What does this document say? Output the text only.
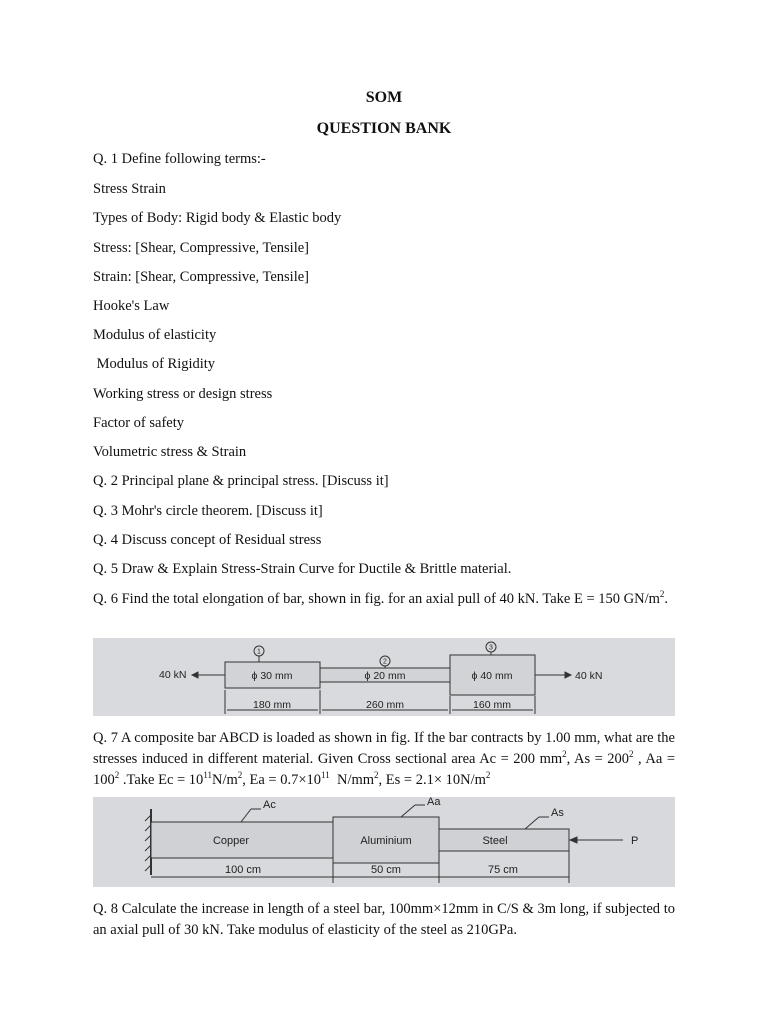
SOM
QUESTION BANK
Q. 1 Define following terms:-
Stress Strain
Types of Body: Rigid body & Elastic body
Stress: [Shear, Compressive, Tensile]
Strain: [Shear, Compressive, Tensile]
Hooke's Law
Modulus of elasticity
Modulus of Rigidity
Working stress or design stress
Factor of safety
Volumetric stress & Strain
Q. 2 Principal plane & principal stress. [Discuss it]
Q. 3 Mohr's circle theorem. [Discuss it]
Q. 4 Discuss concept of Residual stress
Q. 5 Draw & Explain Stress-Strain Curve for Ductile & Brittle material.
Q. 6 Find the total elongation of bar, shown in fig. for an axial pull of 40 kN. Take E = 150 $GN/m^2$.
40 kN	40 kN
ϕ 30 mm	ϕ 20 mm	ϕ 40 mm
180 mm	260 mm	160 mm
1
2
3
Q. 7 A composite bar ABCD is loaded as shown in fig. If the bar contracts by 1.00 mm, what are the stresses induced in different material. Given Cross sectional area Ac = 200 $mm^2$, $As = 200^2$ , $Aa = 100^2$ .Take $Ec = 10^{11}N/m^2$, $Ea = 0.7\times 10^{11}$  $N/mm^2$, $Es = 2.1\times 10N/m^2$
Copper	Aluminium	Steel
Ac	Aa
As
P
100 cm	50 cm	75 cm
Q. 8 Calculate the increase in length of a steel bar, 100mm×12mm in C/S & 3m long, if subjected to an axial pull of 30 kN. Take modulus of elasticity of the steel as 210GPa.
